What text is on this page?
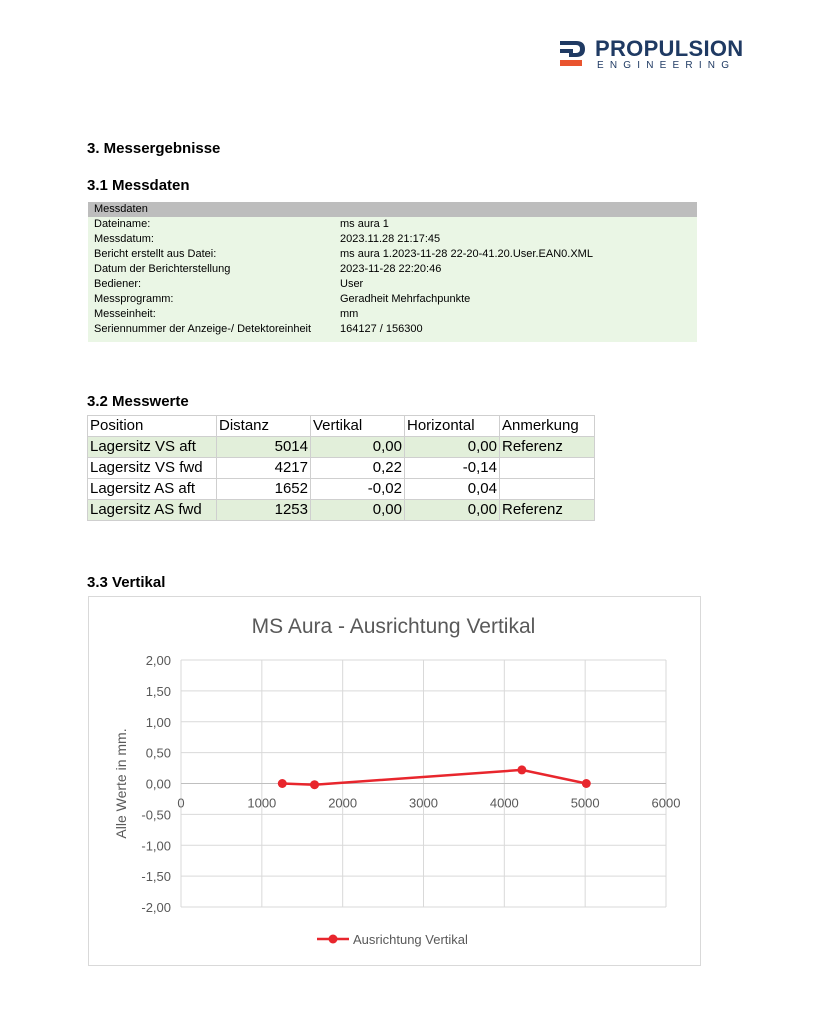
PROPULSION
ENGINEERING
3. Messergebnisse
3.1 Messdaten
Messdaten
Dateiname:	ms aura 1
Messdatum:	2023.11.28 21:17:45
Bericht erstellt aus Datei:	ms aura 1.2023-11-28 22-20-41.20.User.EAN0.XML
Datum der Berichterstellung	2023-11-28 22:20:46
Bediener:	User
Messprogramm:	Geradheit Mehrfachpunkte
Messeinheit:	mm
Seriennummer der Anzeige-/ Detektoreinheit	164127 / 156300
3.2 Messwerte
Position	Distanz	Vertikal	Horizontal	Anmerkung
Lagersitz VS aft	5014	0,00	0,00	Referenz
Lagersitz VS fwd	4217	0,22	-0,14	
Lagersitz AS aft	1652	-0,02	0,04	
Lagersitz AS fwd	1253	0,00	0,00	Referenz
3.3 Vertikal
MS Aura - Ausrichtung Vertikal
2,00
1,50
1,00
0,50
0,00
-0,50
-1,00
-1,50
-2,00
0	1000	2000	3000	4000	5000	6000
Alle Werte in mm.
Ausrichtung Vertikal
